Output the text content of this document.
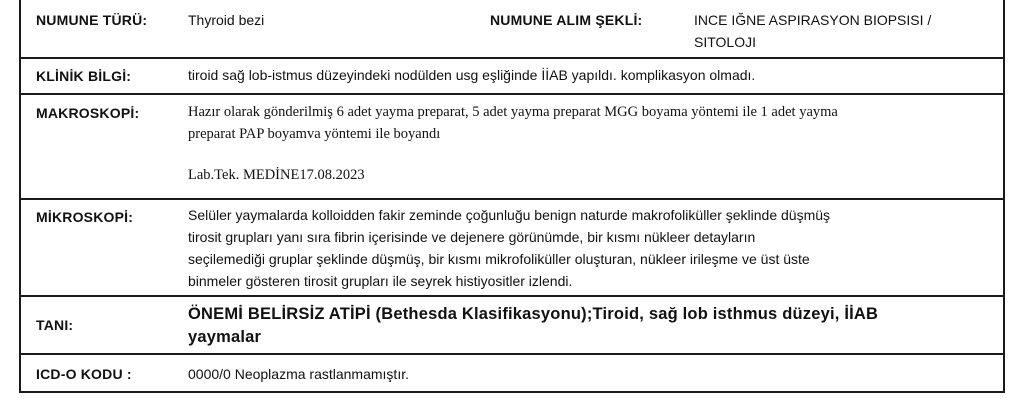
NUMUNE TÜRÜ:	Thyroid bezi	NUMUNE ALIM ŞEKLİ:	INCE IĞNE ASPIRASYON BIOPSISI /
SITOLOJI
KLİNİK BİLGİ:	tiroid sağ lob-istmus düzeyindeki nodülden usg eşliğinde İİAB yapıldı. komplikasyon olmadı.
MAKROSKOPİ:	Hazır olarak gönderilmiş 6 adet yayma preparat, 5 adet yayma preparat MGG boyama yöntemi ile 1 adet yayma
preparat PAP boyamva yöntemi ile boyandı
Lab.Tek. MEDİNE17.08.2023
MİKROSKOPİ:	Selüler yaymalarda kolloidden fakir zeminde çoğunluğu benign naturde makrofoliküller şeklinde düşmüş
tirosit grupları yanı sıra fibrin içerisinde ve dejenere görünümde, bir kısmı nükleer detayların
seçilemediği gruplar şeklinde düşmüş, bir kısmı mikrofoliküller oluşturan, nükleer irileşme ve üst üste
binmeler gösteren tirosit grupları ile seyrek histiyositler izlendi.
TANI:
ÖNEMİ BELİRSİZ ATİPİ (Bethesda Klasifikasyonu);Tiroid, sağ lob isthmus düzeyi, İİAB
yaymalar
ICD-O KODU :	0000/0 Neoplazma rastlanmamıştır.
